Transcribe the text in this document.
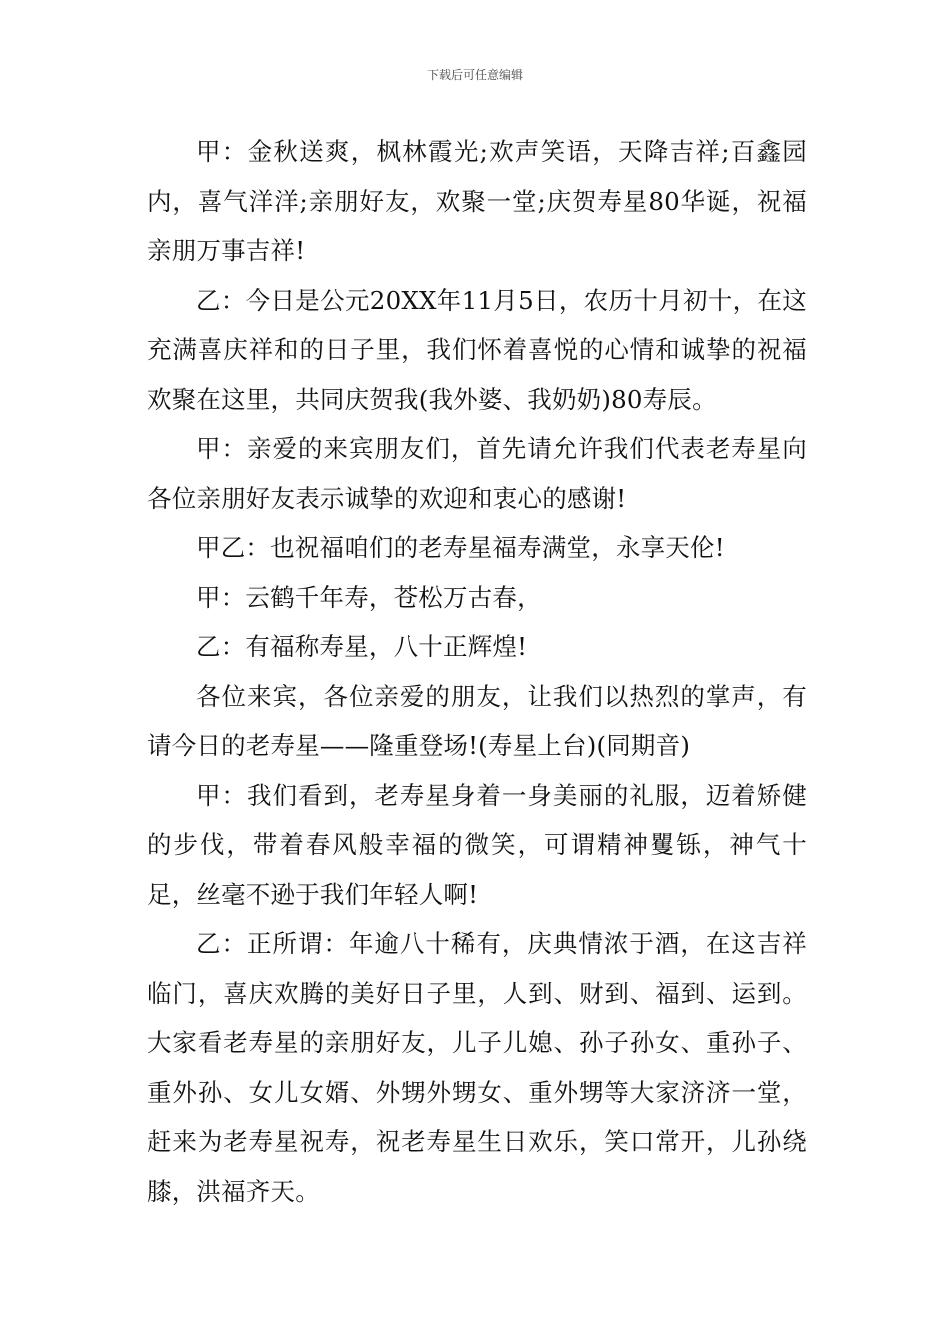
下载后可任意编辑

甲：金秋送爽，枫林霞光;欢声笑语，天降吉祥;百鑫园内，喜气洋洋;亲朋好友，欢聚一堂;庆贺寿星80华诞，祝福亲朋万事吉祥!

乙：今日是公元20XX年11月5日，农历十月初十，在这充满喜庆祥和的日子里，我们怀着喜悦的心情和诚挚的祝福欢聚在这里，共同庆贺我(我外婆、我奶奶)80寿辰。

甲：亲爱的来宾朋友们，首先请允许我们代表老寿星向各位亲朋好友表示诚挚的欢迎和衷心的感谢!

甲乙：也祝福咱们的老寿星福寿满堂，永享天伦!

甲：云鹤千年寿，苍松万古春，

乙：有福称寿星，八十正辉煌!

各位来宾，各位亲爱的朋友，让我们以热烈的掌声，有请今日的老寿星——隆重登场!(寿星上台)(同期音)

甲：我们看到，老寿星身着一身美丽的礼服，迈着矫健的步伐，带着春风般幸福的微笑，可谓精神矍铄，神气十足，丝毫不逊于我们年轻人啊!

乙：正所谓：年逾八十稀有，庆典情浓于酒，在这吉祥临门，喜庆欢腾的美好日子里，人到、财到、福到、运到。大家看老寿星的亲朋好友，儿子儿媳、孙子孙女、重孙子、重外孙、女儿女婿、外甥外甥女、重外甥等大家济济一堂，赶来为老寿星祝寿，祝老寿星生日欢乐，笑口常开，儿孙绕膝，洪福齐天。
